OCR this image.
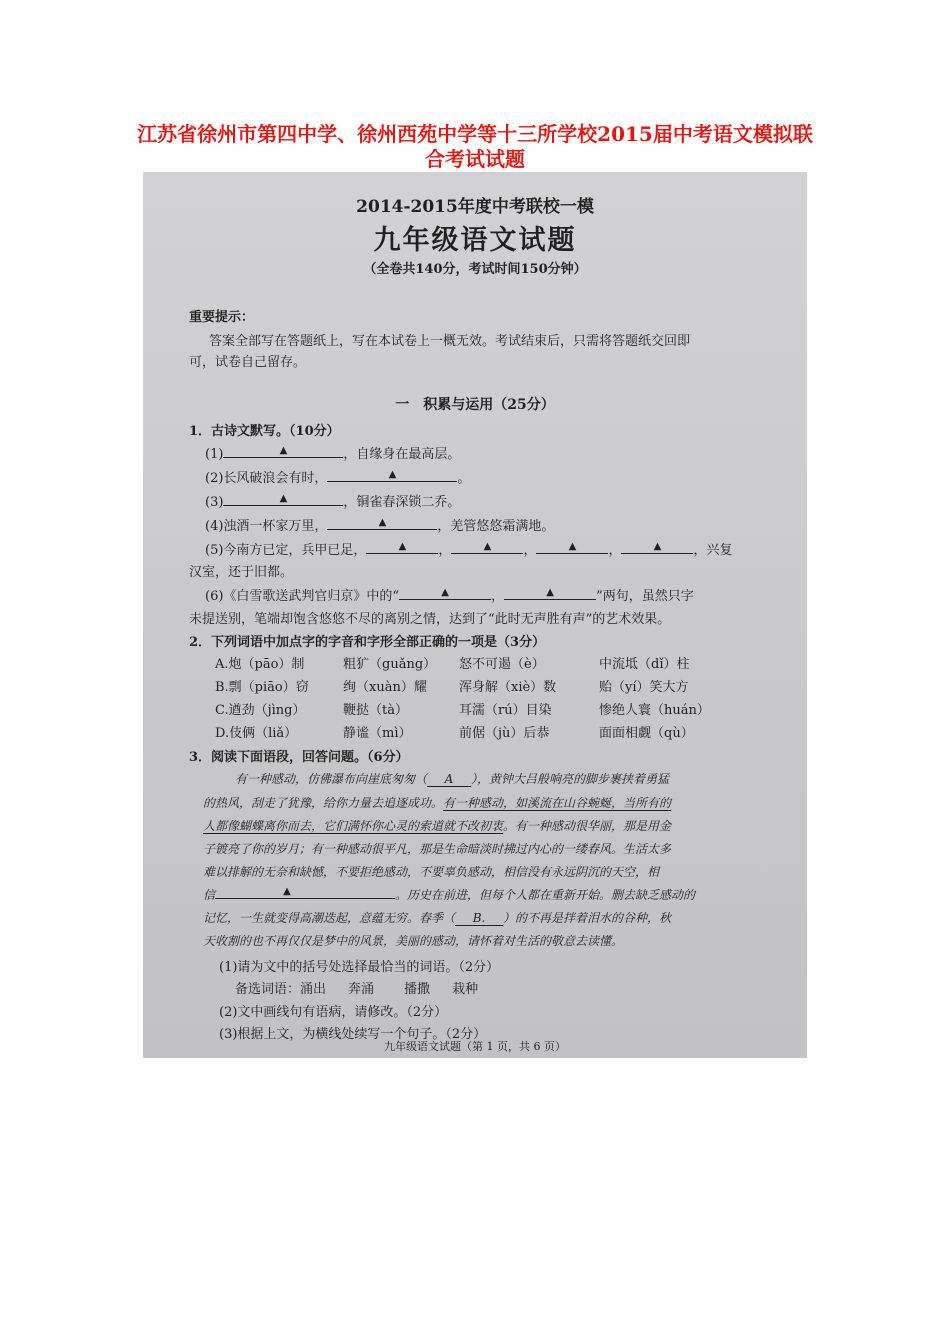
江苏省徐州市第四中学、徐州西苑中学等十三所学校2015届中考语文模拟联合考试试题
2014-2015年度中考联校一模
九年级语文试题
（全卷共140分，考试时间150分钟）
重要提示：
答案全部写在答题纸上，写在本试卷上一概无效。考试结束后，只需将答题纸交回即
可，试卷自己留存。
一　积累与运用（25分）
1．古诗文默写。（10分）
(1)	▲	，自缘身在最高层。
(2)长风破浪会有时，	▲	。
(3)	▲	，铜雀春深锁二乔。
(4)浊酒一杯家万里，	▲	，羌管悠悠霜满地。
(5)今南方已定，兵甲已足，	▲ ，	▲ ，	▲ ，	▲ ，兴复
汉室，还于旧都。
(6)《白雪歌送武判官归京》中的“	▲	，	▲	”两句，虽然只字
未提送别，笔端却饱含悠悠不尽的离别之情，达到了“此时无声胜有声”的艺术效果。
2．下列词语中加点字的字音和字形全部正确的一项是（3分）
A.炮（pāo）制	粗犷（guǎng） 怒不可遏（è）	中流坻（dǐ）柱
B.剽（piāo）窃	绚（xuàn）耀 浑身解（xiè）数	贻（yí）笑大方
C.遒劲（jìng）	鞭挞（tà）	耳濡（rú）目染	惨绝人寰（huán）
D.伎俩（liǎ）	静谧（mì）	前倨（jù）后恭	面面相觑（qù）
3．阅读下面语段，回答问题。（6分）
有一种感动，仿佛瀑布向崖底匆匆（ A ），黄钟大吕般响亮的脚步裹挟着勇猛
的热风，刮走了犹豫，给你力量去追逐成功。有一种感动，如溪流在山谷蜿蜒，当所有的
人都像蝴蝶离你而去，它们满怀你心灵的索道就不改初衷。有一种感动很华丽，那是用金
子镀亮了你的岁月；有一种感动很平凡，那是生命暗淡时拂过内心的一缕春风。生活太多
难以排解的无奈和缺憾，不要拒绝感动，不要辜负感动，相信没有永远阴沉的天空，相
信	▲	。历史在前进，但每个人都在重新开始。删去缺乏感动的
记忆，一生就变得高潮迭起，意蕴无穷。春季（ B. ）的不再是拌着泪水的谷种，秋
天收割的也不再仅仅是梦中的风景，美丽的感动，请怀着对生活的敬意去读懂。
(1)请为文中的括号处选择最恰当的词语。（2分）
备选词语：涌出 奔涌 播撒 栽种
(2)文中画线句有语病，请修改。（2分）
(3)根据上文，为横线处续写一个句子。（2分）
九年级语文试题（第 1 页，共 6 页）
